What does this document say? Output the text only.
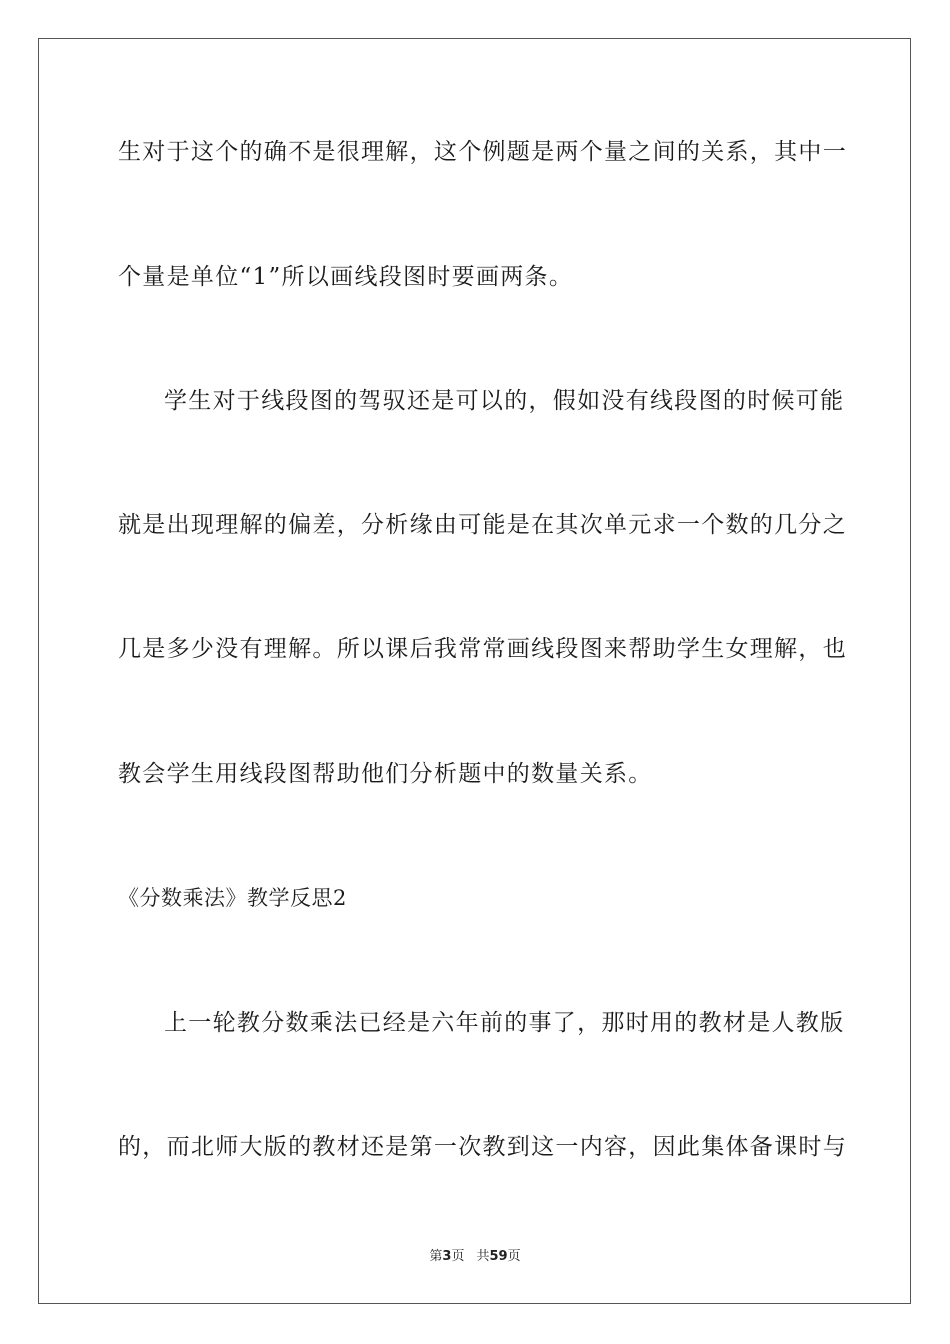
生对于这个的确不是很理解，这个例题是两个量之间的关系，其中一
个量是单位“1”所以画线段图时要画两条。
学生对于线段图的驾驭还是可以的，假如没有线段图的时候可能
就是出现理解的偏差，分析缘由可能是在其次单元求一个数的几分之
几是多少没有理解。所以课后我常常画线段图来帮助学生女理解，也
教会学生用线段图帮助他们分析题中的数量关系。
《分数乘法》教学反思2
上一轮教分数乘法已经是六年前的事了，那时用的教材是人教版
的，而北师大版的教材还是第一次教到这一内容，因此集体备课时与
第3页 共59页
